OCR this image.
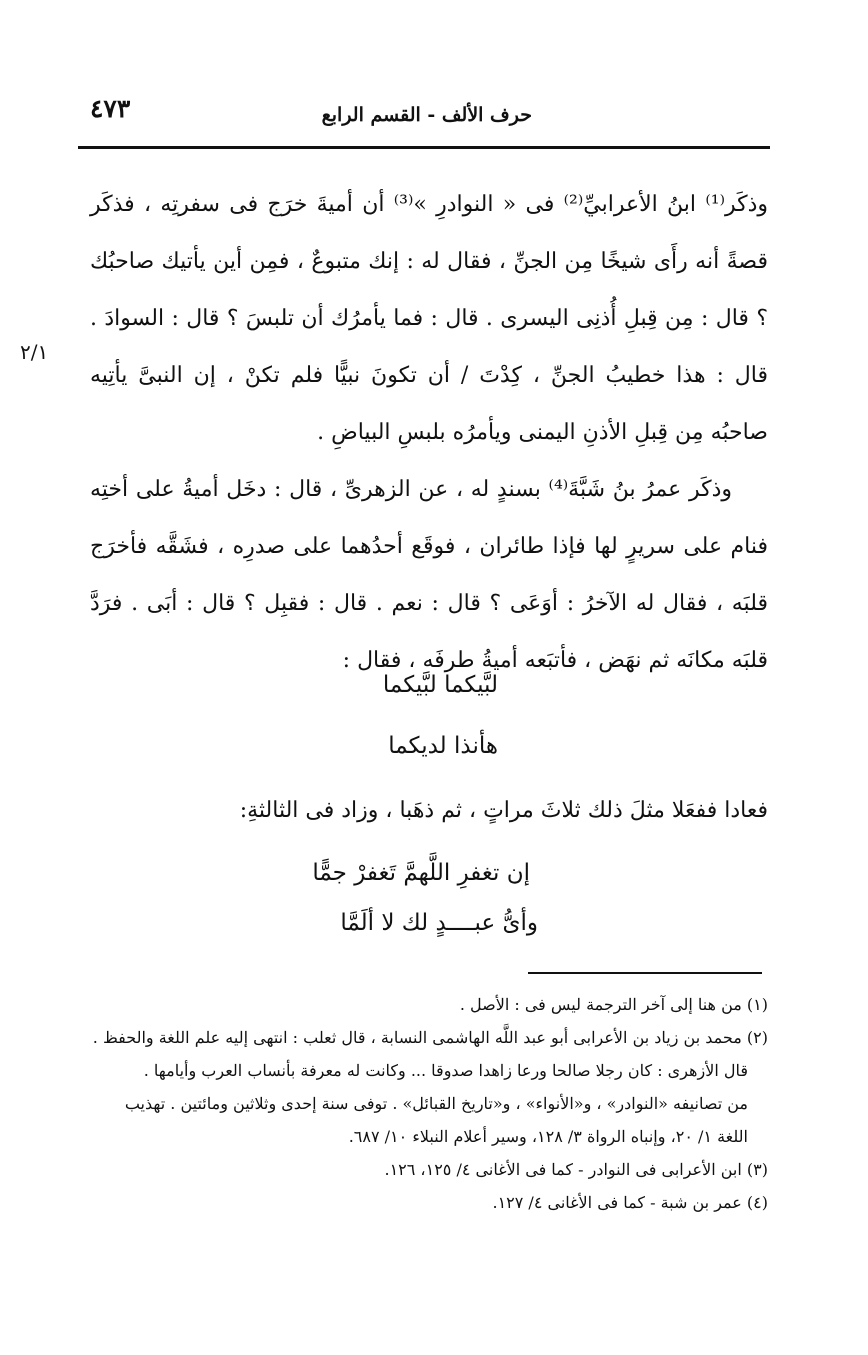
حرف الألف - القسم الرابع
٤٧٣
٢/١

وذكَر⁽¹⁾ ابنُ الأعرابيِّ⁽²⁾ فى « النوادرِ »⁽³⁾ أن أميةَ خرَج فى سفرتِه ، فذكَر قصةً أنه رأَى شيخًا مِن الجنِّ ، فقال له : إنك متبوعٌ ، فمِن أين يأتيك صاحبُك ؟ قال : مِن قِبلِ أُذنِى اليسرى . قال : فما يأمرُك أن تلبسَ ؟ قال : السوادَ . قال : هذا خطيبُ الجنِّ ، كِدْتَ / أن تكونَ نبيًّا فلم تكنْ ، إن النبىَّ يأتِيه صاحبُه مِن قِبلِ الأذنِ اليمنى ويأمرُه بلبسِ البياضِ .

وذكَر عمرُ بنُ شَبَّةَ⁽⁴⁾ بسندٍ له ، عن الزهرىِّ ، قال : دخَل أميةُ على أختِه فنام على سريرٍ لها فإذا طائران ، فوقَع أحدُهما على صدرِه ، فشَقَّه فأخرَج قلبَه ، فقال له الآخرُ : أوَعَى ؟ قال : نعم . قال : فقبِل ؟ قال : أبَى . فرَدَّ قلبَه مكانَه ثم نهَض ، فأتبَعه أميةُ طرفَه ، فقال :

لبَّيكما لبَّيكما
هأنذا لديكما
فعادا ففعَلا مثلَ ذلك ثلاثَ مراتٍ ، ثم ذهَبا ، وزاد فى الثالثةِ:
إن تغفرِ اللَّهمَّ تَغفرْ جمًّا
وأىُّ عبــــدٍ لك لا ألَمَّا

(١) من هنا إلى آخر الترجمة ليس فى : الأصل .

(٢) محمد بن زياد بن الأعرابى أبو عبد اللَّه الهاشمى النسابة ، قال ثعلب : انتهى إليه علم اللغة والحفظ .

قال الأزهرى : كان رجلا صالحا ورعا زاهدا صدوقا ... وكانت له معرفة بأنساب العرب وأيامها .

من تصانيفه «النوادر» ، و«الأنواء» ، و«تاريخ القبائل» . توفى سنة إحدى وثلاثين ومائتين . تهذيب

اللغة ١/ ٢٠، وإنباه الرواة ٣/ ١٢٨، وسير أعلام النبلاء ١٠/ ٦٨٧.

(٣) ابن الأعرابى فى النوادر - كما فى الأغانى ٤/ ١٢٥، ١٢٦.

(٤) عمر بن شبة - كما فى الأغانى ٤/ ١٢٧.
